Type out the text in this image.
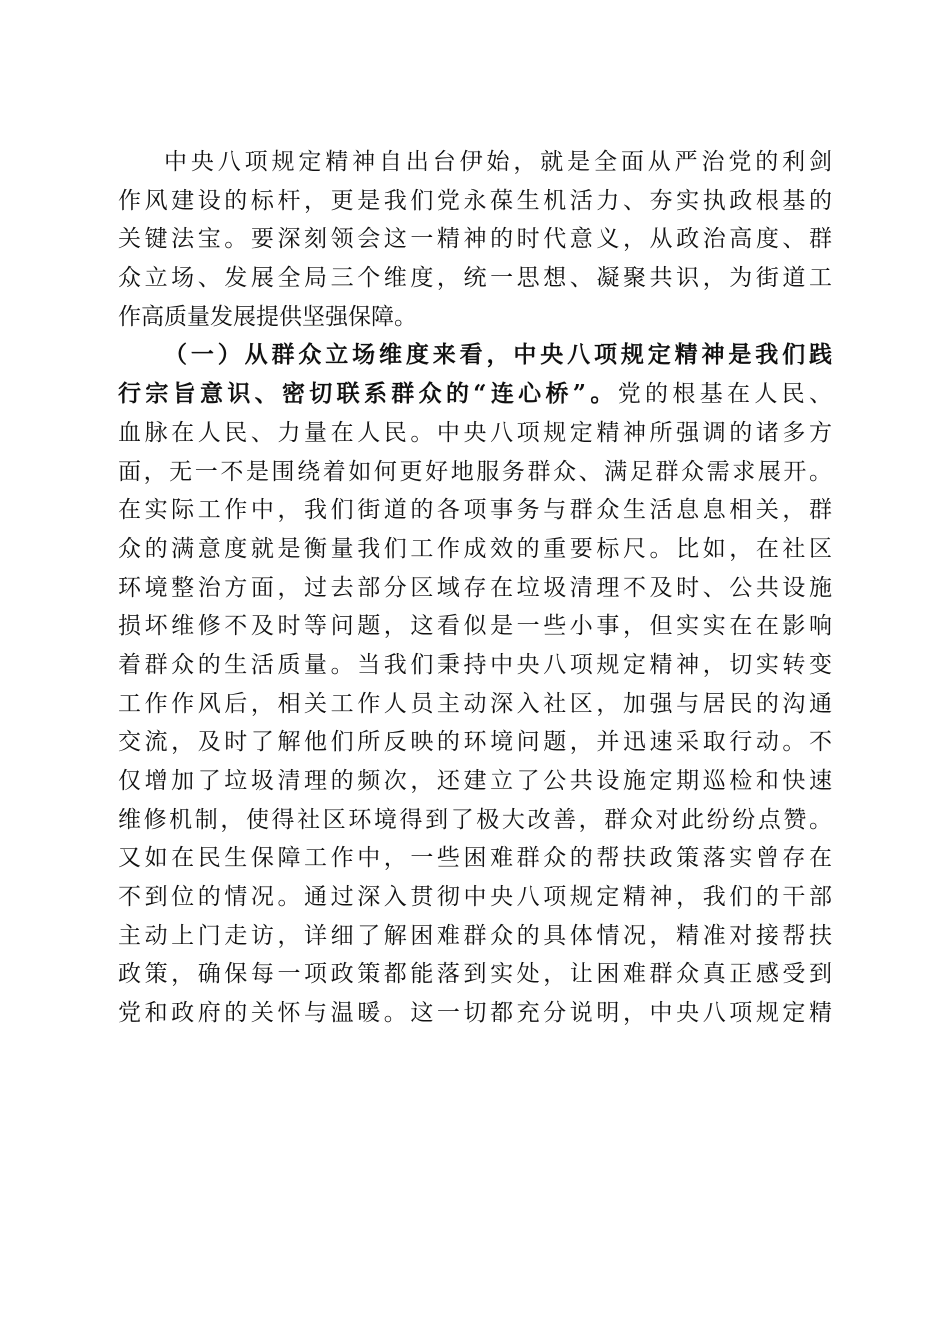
中央八项规定精神自出台伊始，就是全面从严治党的利剑
作风建设的标杆，更是我们党永葆生机活力、夯实执政根基的
关键法宝。要深刻领会这一精神的时代意义，从政治高度、群
众立场、发展全局三个维度，统一思想、凝聚共识，为街道工
作高质量发展提供坚强保障。
（一）从群众立场维度来看，中央八项规定精神是我们践
行宗旨意识、密切联系群众的“连心桥”。党的根基在人民、
血脉在人民、力量在人民。中央八项规定精神所强调的诸多方
面，无一不是围绕着如何更好地服务群众、满足群众需求展开。
在实际工作中，我们街道的各项事务与群众生活息息相关，群
众的满意度就是衡量我们工作成效的重要标尺。比如，在社区
环境整治方面，过去部分区域存在垃圾清理不及时、公共设施
损坏维修不及时等问题，这看似是一些小事，但实实在在影响
着群众的生活质量。当我们秉持中央八项规定精神，切实转变
工作作风后，相关工作人员主动深入社区，加强与居民的沟通
交流，及时了解他们所反映的环境问题，并迅速采取行动。不
仅增加了垃圾清理的频次，还建立了公共设施定期巡检和快速
维修机制，使得社区环境得到了极大改善，群众对此纷纷点赞。
又如在民生保障工作中，一些困难群众的帮扶政策落实曾存在
不到位的情况。通过深入贯彻中央八项规定精神，我们的干部
主动上门走访，详细了解困难群众的具体情况，精准对接帮扶
政策，确保每一项政策都能落到实处，让困难群众真正感受到
党和政府的关怀与温暖。这一切都充分说明，中央八项规定精
